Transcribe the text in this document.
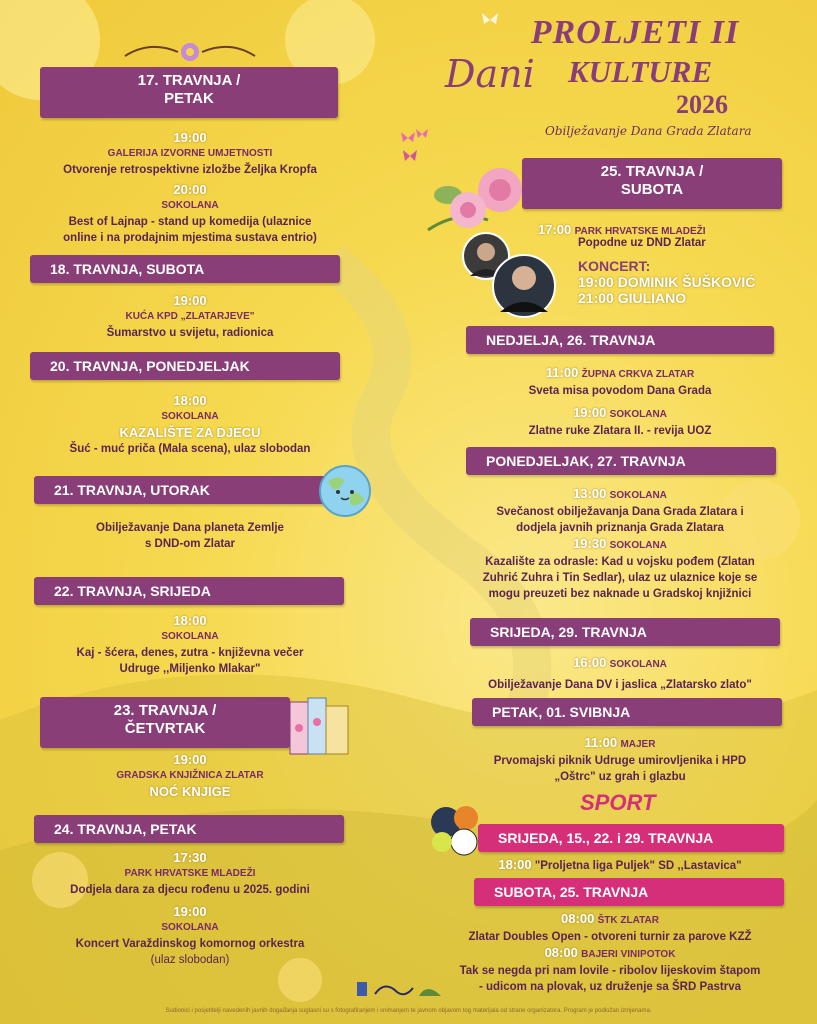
PROLJETI II
Dani KULTURE
2026
Obilježavanje Dana Grada Zlatara
17. TRAVNJA /
PETAK
19:00
GALERIJA IZVORNE UMJETNOSTI
Otvorenje retrospektivne izložbe Željka Kropfa
20:00
SOKOLANA
Best of Lajnap - stand up komedija (ulaznice
online i na prodajnim mjestima sustava entrio)
18. TRAVNJA, SUBOTA
19:00
KUĆA KPD „ZLATARJEVE"
Šumarstvo u svijetu, radionica
20. TRAVNJA, PONEDJELJAK
18:00
SOKOLANA
KAZALIŠTE ZA DJECU
Šuć - muć priča (Mala scena), ulaz slobodan
21. TRAVNJA, UTORAK
Obilježavanje Dana planeta Zemlje
s DND-om Zlatar
22. TRAVNJA, SRIJEDA
18:00
SOKOLANA
Kaj - šćera, denes, zutra - književna večer
Udruge ,,Miljenko Mlakar"
23. TRAVNJA /
ČETVRTAK
19:00
GRADSKA KNJIŽNICA ZLATAR
NOĆ KNJIGE
24. TRAVNJA, PETAK
17:30
PARK HRVATSKE MLADEŽI
Dodjela dara za djecu rođenu u 2025. godini
19:00
SOKOLANA
Koncert Varaždinskog komornog orkestra
(ulaz slobodan)
25. TRAVNJA /
SUBOTA
17:00 PARK HRVATSKE MLADEŽI
Popodne uz DND Zlatar
KONCERT:
19:00 DOMINIK ŠUŠKOVIĆ
21:00 GIULIANO
NEDJELJA, 26. TRAVNJA
11:00 ŽUPNA CRKVA ZLATAR
Sveta misa povodom Dana Grada
19:00 SOKOLANA
Zlatne ruke Zlatara II. - revija UOZ
PONEDJELJAK, 27. TRAVNJA
13:00 SOKOLANA
Svečanost obilježavanja Dana Grada Zlatara i
dodjela javnih priznanja Grada Zlatara
19:30 SOKOLANA
Kazalište za odrasle: Kad u vojsku pođem (Zlatan
Zuhrić Zuhra i Tin Sedlar), ulaz uz ulaznice koje se
mogu preuzeti bez naknade u Gradskoj knjižnici
SRIJEDA, 29. TRAVNJA
16:00 SOKOLANA
Obilježavanje Dana DV i jaslica „Zlatarsko zlato"
PETAK, 01. SVIBNJA
11:00 MAJER
Prvomajski piknik Udruge umirovljenika i HPD
„Oštrc" uz grah i glazbu
SPORT
SRIJEDA, 15., 22. i 29. TRAVNJA
18:00 "Proljetna liga Puljek" SD ,,Lastavica"
SUBOTA, 25. TRAVNJA
08:00 ŠTK ZLATAR
Zlatar Doubles Open - otvoreni turnir za parove KZŽ
08:00 BAJERI VINIPOTOK
Tak se negda pri nam lovile - ribolov lijeskovim štapom
- udicom na plovak, uz druženje sa ŠRD Pastrva
Sudionici i posjetitelji navedenih javnih događanja suglasni su s fotografiranjem i snimanjem te javnom objavom tog materijala od strane organizatora. Program je podložan izmjenama.
